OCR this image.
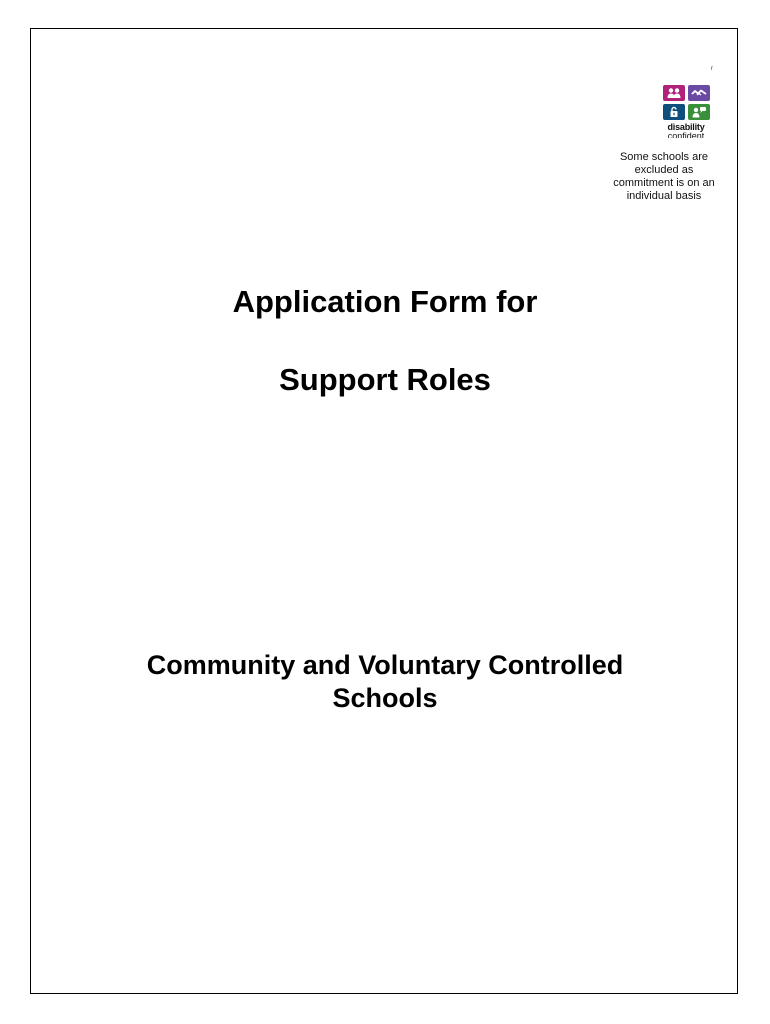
r
disability
confident
Some schools are excluded as commitment is on an individual basis
Application Form for
Support Roles
Community and Voluntary Controlled Schools
